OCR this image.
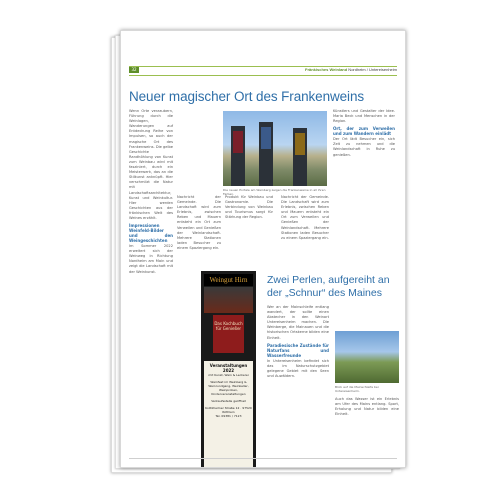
32	Fränkisches Weinland Nordheim / Untereisenheim
Neuer magischer Ort des Frankenweins
Wenn Orte verzaubern, Führung durch die Weinlagen, Wanderungen auf Entdeckung Reihe von Impulsen, so auch der magische Ort des Frankenweins. Die gelbe Geschichte Randhöhlung von Kunst zum Weinbau wird mit fasziniert, durch ein Meisterwerk, das an die Stilkunst anknüpft. Hier verschmilzt die Natur mit Landschaftsarchitektur, Kunst und Weinkultur. Hier werden Geschichten aus der fränkischen Welt des Weines erzählt.
Impressionen Weinfeld-Bilder und den Weingeschichten
Im Sommer 2022 erweitert sich der Weinweg in Richtung Nordheim am Main und zeigt die Landschaft mit der Weinkunst.
Die neuen Portale am Weinberg zeigen die Frankenweine in all ihren Farben.
Nachricht der Gemeinde. Die Landschaft wird zum Erlebnis, zwischen Reben und Mauern entsteht ein Ort zum Verweilen und Genießen der Weinlandschaft. Mehrere Stationen laden Besucher zu einem Spaziergang ein.
Produkt für Weinbau und Gastronomie. Die Verbindung von Weinbau und Tourismus sorgt für Stärkung der Region.
Nachricht der Gemeinde. Die Landschaft wird zum Erlebnis, zwischen Reben und Mauern entsteht ein Ort zum Verweilen und Genießen der Weinlandschaft. Mehrere Stationen laden Besucher zu einem Spaziergang ein.
Künstlers und Gestalter der Idee. Maria Beck und Menschen in der Region.
Ort, der zum Verweilen und zum Wandern einlädt
Der Ort lädt Besucher ein, sich Zeit zu nehmen und die Weinlandschaft in Ruhe zu genießen.
Weingut Hirn
Das Kochbuch für Genießer
Veranstaltungen 2022
mit Kunst, Wein & Leckerei
Weinfest im Weinberg & Weinrundgang, Weinkeller, Weinproben, Kinderveranstaltungen
Verkaufsstelle geöffnet
Kolitzheimer Straße 12 · 97520 Röthlein
Tel. 09381 / 7123
Zwei Perlen, aufgereiht an der „Schnur“ des Maines
Wer an der Mainschleife entlang wandert, der sollte einen Abstecher in den Weinort Untereisenheim machen. Die Weinberge, die Mainauen und die historischen Ortskerne bilden eine Einheit.
Paradiesische Zustände für Naturfans und Wasserfreunde
In Untereisenheim befindet sich das im Naturschutzgebiet gelegene Gebiet mit den Seen und Auwäldern.
Blick auf die Mainschleife bei Untereisenheim.
Auch das Wasser ist ein Erlebnis am Ufer des Mains entlang. Sport, Erholung und Natur bilden eine Einheit.
